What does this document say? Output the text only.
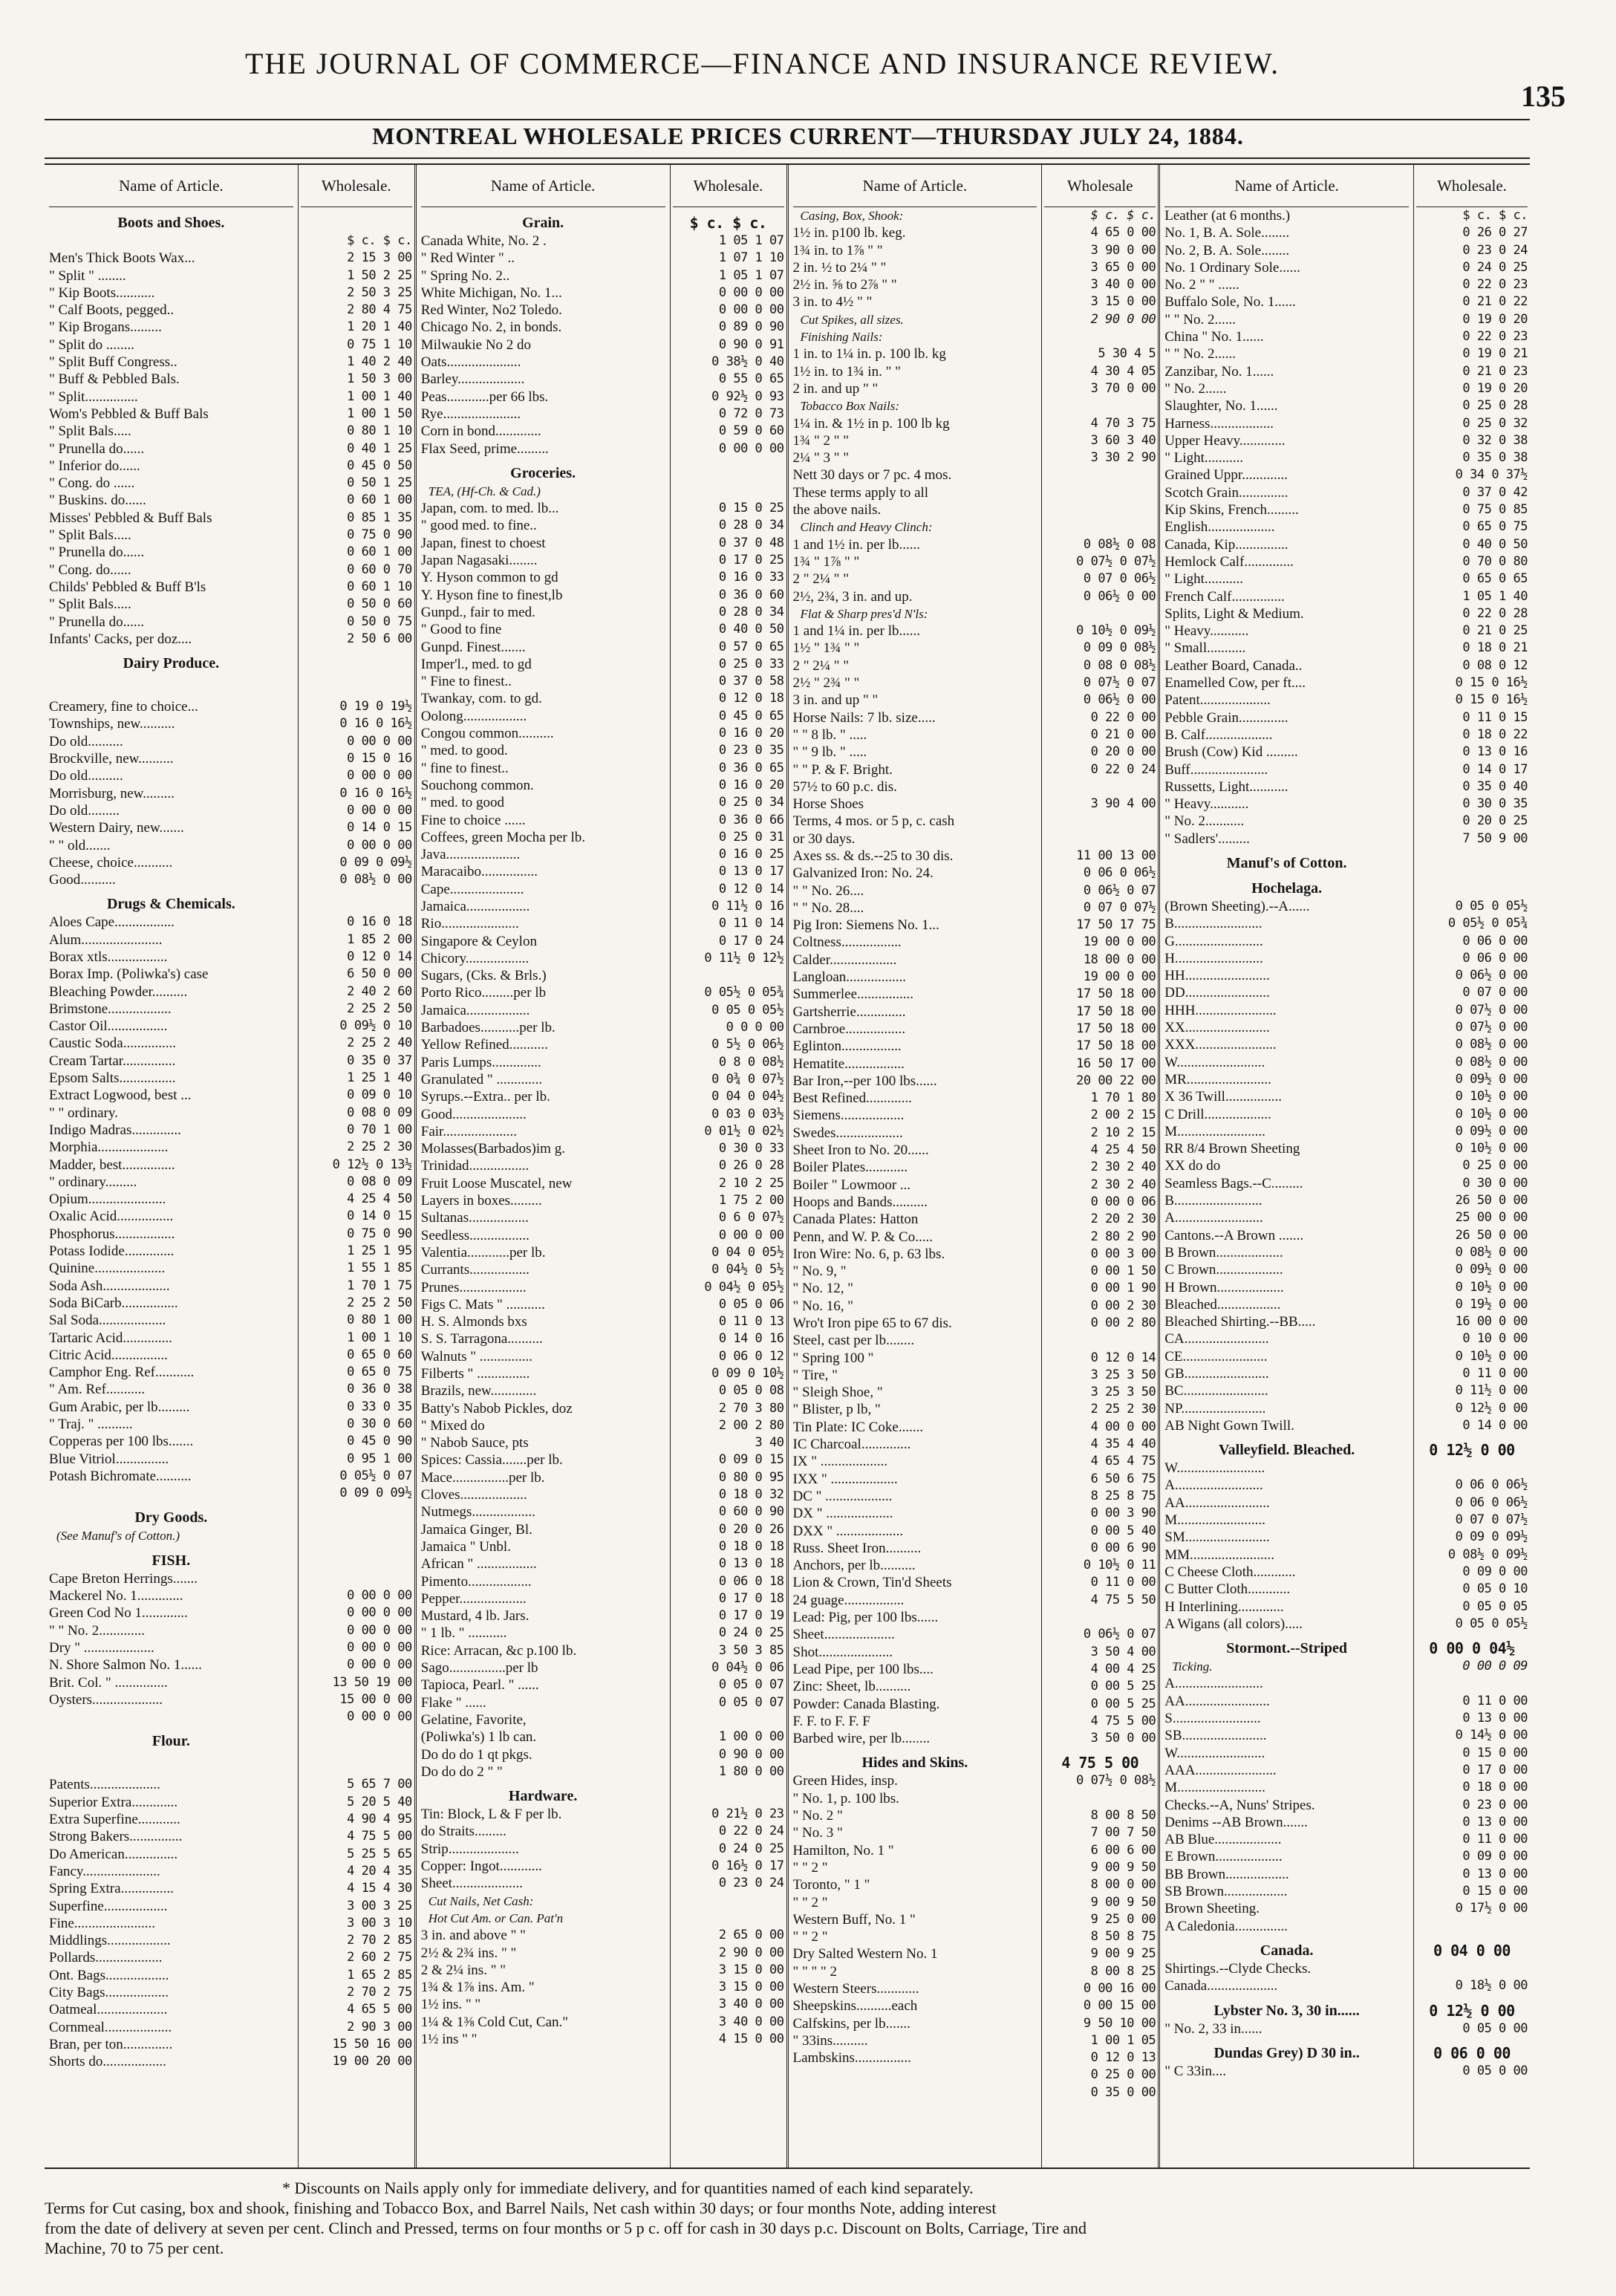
THE JOURNAL OF COMMERCE—FINANCE AND INSURANCE REVIEW.
135
MONTREAL WHOLESALE PRICES CURRENT—THURSDAY JULY 24, 1884.
Name of Article.
Boots and Shoes.
Men's Thick Boots Wax...
" Split " ........
" Kip Boots...........
" Calf Boots, pegged..
" Kip Brogans.........
" Split do ........
" Split Buff Congress..
" Buff & Pebbled Bals.
" Split...............
Wom's Pebbled & Buff Bals
" Split Bals.....
" Prunella do......
" Inferior do......
" Cong. do ......
" Buskins. do......
Misses' Pebbled & Buff Bals
" Split Bals.....
" Prunella do......
" Cong. do......
Childs' Pebbled & Buff B'ls
" Split Bals.....
" Prunella do......
Infants' Cacks, per doz....
Dairy Produce.
Creamery, fine to choice...
Townships, new..........
Do old..........
Brockville, new..........
Do old..........
Morrisburg, new.........
Do old.........
Western Dairy, new.......
" " old.......
Cheese, choice...........
Good..........
Drugs & Chemicals.
Aloes Cape.................
Alum.......................
Borax xtls.................
Borax Imp. (Poliwka's) case
Bleaching Powder..........
Brimstone..................
Castor Oil.................
Caustic Soda...............
Cream Tartar...............
Epsom Salts................
Extract Logwood, best ...
" " ordinary.
Indigo Madras..............
Morphia....................
Madder, best...............
" ordinary.........
Opium......................
Oxalic Acid................
Phosphorus.................
Potass Iodide..............
Quinine....................
Soda Ash...................
Soda BiCarb................
Sal Soda...................
Tartaric Acid..............
Citric Acid................
Camphor Eng. Ref...........
" Am. Ref...........
Gum Arabic, per lb.........
" Traj. " ..........
Copperas per 100 lbs.......
Blue Vitriol...............
Potash Bichromate..........
Dry Goods.
(See Manuf's of Cotton.)
FISH.
Cape Breton Herrings.......
Mackerel No. 1.............
Green Cod No 1.............
" " No. 2.............
Dry " ....................
N. Shore Salmon No. 1......
Brit. Col. " ...............
Oysters....................
Flour.
Patents....................
Superior Extra.............
Extra Superfine............
Strong Bakers...............
Do American...............
Fancy......................
Spring Extra...............
Superfine..................
Fine.......................
Middlings..................
Pollards...................
Ont. Bags..................
City Bags..................
Oatmeal....................
Cornmeal...................
Bran, per ton..............
Shorts do..................
Wholesale.
$ c. $ c.
2 15 3 00
1 50 2 25
2 50 3 25
2 80 4 75
1 20 1 40
0 75 1 10
1 40 2 40
1 50 3 00
1 00 1 40
1 00 1 50
0 80 1 10
0 40 1 25
0 45 0 50
0 50 1 25
0 60 1 00
0 85 1 35
0 75 0 90
0 60 1 00
0 60 0 70
0 60 1 10
0 50 0 60
0 50 0 75
2 50 6 00
0 19 0 19½
0 16 0 16½
0 00 0 00
0 15 0 16
0 00 0 00
0 16 0 16½
0 00 0 00
0 14 0 15
0 00 0 00
0 09 0 09½
0 08½ 0 00
0 16 0 18
1 85 2 00
0 12 0 14
6 50 0 00
2 40 2 60
2 25 2 50
0 09½ 0 10
2 25 2 40
0 35 0 37
1 25 1 40
0 09 0 10
0 08 0 09
0 70 1 00
2 25 2 30
0 12½ 0 13½
0 08 0 09
4 25 4 50
0 14 0 15
0 75 0 90
1 25 1 95
1 55 1 85
1 70 1 75
2 25 2 50
0 80 1 00
1 00 1 10
0 65 0 60
0 65 0 75
0 36 0 38
0 33 0 35
0 30 0 60
0 45 0 90
0 95 1 00
0 05½ 0 07
0 09 0 09½
0 00 0 00
0 00 0 00
0 00 0 00
0 00 0 00
0 00 0 00
13 50 19 00
15 00 0 00
0 00 0 00
5 65 7 00
5 20 5 40
4 90 4 95
4 75 5 00
5 25 5 65
4 20 4 35
4 15 4 30
3 00 3 25
3 00 3 10
2 70 2 85
2 60 2 75
1 65 2 85
2 70 2 75
4 65 5 00
2 90 3 00
15 50 16 00
19 00 20 00
Name of Article.
Grain.
Canada White, No. 2 .
" Red Winter " ..
" Spring No. 2..
White Michigan, No. 1...
Red Winter, No2 Toledo.
Chicago No. 2, in bonds.
Milwaukie No 2 do
Oats.....................
Barley...................
Peas............per 66 lbs.
Rye......................
Corn in bond.............
Flax Seed, prime.........
Groceries.
TEA, (Hf-Ch. & Cad.)
Japan, com. to med. lb...
" good med. to fine..
Japan, finest to choest
Japan Nagasaki........
Y. Hyson common to gd
Y. Hyson fine to finest,lb
Gunpd., fair to med.
" Good to fine
Gunpd. Finest.......
Imper'l., med. to gd
" Fine to finest..
Twankay, com. to gd.
Oolong..................
Congou common..........
" med. to good.
" fine to finest..
Souchong common.
" med. to good
Fine to choice ......
Coffees, green Mocha per lb.
Java.....................
Maracaibo................
Cape.....................
Jamaica..................
Rio......................
Singapore & Ceylon
Chicory..................
Sugars, (Cks. & Brls.)
Porto Rico.........per lb
Jamaica..................
Barbadoes...........per lb.
Yellow Refined...........
Paris Lumps..............
Granulated " .............
Syrups.--Extra.. per lb.
Good.....................
Fair.....................
Molasses(Barbados)im g.
Trinidad.................
Fruit Loose Muscatel, new
Layers in boxes.........
Sultanas.................
Seedless.................
Valentia............per lb.
Currants.................
Prunes...................
Figs C. Mats " ...........
H. S. Almonds bxs
S. S. Tarragona..........
Walnuts " ...............
Filberts " ...............
Brazils, new.............
Batty's Nabob Pickles, doz
" Mixed do
" Nabob Sauce, pts
Spices: Cassia.......per lb.
Mace................per lb.
Cloves...................
Nutmegs..................
Jamaica Ginger, Bl.
Jamaica " Unbl.
African " .................
Pimento..................
Pepper...................
Mustard, 4 lb. Jars.
" 1 lb. " ...........
Rice: Arracan, &c p.100 lb.
Sago................per lb
Tapioca, Pearl. " ......
Flake " ......
Gelatine, Favorite,
(Poliwka's) 1 lb can.
Do do do 1 qt pkgs.
Do do do 2 " "
Hardware.
Tin: Block, L & F per lb.
do Straits.........
Strip....................
Copper: Ingot............
Sheet....................
Cut Nails, Net Cash:
Hot Cut Am. or Can. Pat'n
3 in. and above " "
2½ & 2¾ ins. " "
2 & 2¼ ins. " "
1¾ & 1⅞ ins. Am. "
1½ ins. " "
1¼ & 1⅜ Cold Cut, Can."
1½ ins " "
Wholesale.
$ c. $ c.
1 05 1 07
1 07 1 10
1 05 1 07
0 00 0 00
0 00 0 00
0 89 0 90
0 90 0 91
0 38½ 0 40
0 55 0 65
0 92½ 0 93
0 72 0 73
0 59 0 60
0 00 0 00
0 15 0 25
0 28 0 34
0 37 0 48
0 17 0 25
0 16 0 33
0 36 0 60
0 28 0 34
0 40 0 50
0 57 0 65
0 25 0 33
0 37 0 58
0 12 0 18
0 45 0 65
0 16 0 20
0 23 0 35
0 36 0 65
0 16 0 20
0 25 0 34
0 36 0 66
0 25 0 31
0 16 0 25
0 13 0 17
0 12 0 14
0 11½ 0 16
0 11 0 14
0 17 0 24
0 11½ 0 12½
0 05½ 0 05¾
0 05 0 05½
0 0 0 00
0 5½ 0 06½
0 8 0 08½
0 0¾ 0 07½
0 04 0 04½
0 03 0 03½
0 01½ 0 02½
0 30 0 33
0 26 0 28
2 10 2 25
1 75 2 00
0 6 0 07½
0 00 0 00
0 04 0 05½
0 04½ 0 5½
0 04½ 0 05½
0 05 0 06
0 11 0 13
0 14 0 16
0 06 0 12
0 09 0 10½
0 05 0 08
2 70 3 80
2 00 2 80
3 40
0 09 0 15
0 80 0 95
0 18 0 32
0 60 0 90
0 20 0 26
0 18 0 18
0 13 0 18
0 06 0 18
0 17 0 18
0 17 0 19
0 24 0 25
3 50 3 85
0 04½ 0 06
0 05 0 07
0 05 0 07
1 00 0 00
0 90 0 00
1 80 0 00
0 21½ 0 23
0 22 0 24
0 24 0 25
0 16½ 0 17
0 23 0 24
2 65 0 00
2 90 0 00
3 15 0 00
3 15 0 00
3 40 0 00
3 40 0 00
4 15 0 00
Name of Article.
Casing, Box, Shook:
1½ in. p100 lb. keg.
1¾ in. to 1⅞ " "
2 in. ½ to 2¼ " "
2½ in. ⅝ to 2⅞ " "
3 in. to 4½ " "
Cut Spikes, all sizes.
Finishing Nails:
1 in. to 1¼ in. p. 100 lb. kg
1½ in. to 1¾ in. " "
2 in. and up " "
Tobacco Box Nails:
1¼ in. & 1½ in p. 100 lb kg
1¾ " 2 " "
2¼ " 3 " "
Nett 30 days or 7 pc. 4 mos.
These terms apply to all
the above nails.
Clinch and Heavy Clinch:
1 and 1½ in. per lb......
1¾ " 1⅞ " "
2 " 2¼ " "
2½, 2¾, 3 in. and up.
Flat & Sharp pres'd N'ls:
1 and 1¼ in. per lb......
1½ " 1¾ " "
2 " 2¼ " "
2½ " 2¾ " "
3 in. and up " "
Horse Nails: 7 lb. size.....
" " 8 lb. " .....
" " 9 lb. " .....
" " P. & F. Bright.
57½ to 60 p.c. dis.
Horse Shoes
Terms, 4 mos. or 5 p, c. cash
or 30 days.
Axes ss. & ds.--25 to 30 dis.
Galvanized Iron: No. 24.
" " No. 26....
" " No. 28....
Pig Iron: Siemens No. 1...
Coltness.................
Calder...................
Langloan.................
Summerlee................
Gartsherrie..............
Carnbroe.................
Eglinton.................
Hematite.................
Bar Iron,--per 100 lbs......
Best Refined.............
Siemens..................
Swedes...................
Sheet Iron to No. 20......
Boiler Plates............
Boiler " Lowmoor ...
Hoops and Bands..........
Canada Plates: Hatton
Penn, and W. P. & Co.....
Iron Wire: No. 6, p. 63 lbs.
" No. 9, "
" No. 12, "
" No. 16, "
Wro't Iron pipe 65 to 67 dis.
Steel, cast per lb........
" Spring 100 "
" Tire, "
" Sleigh Shoe, "
" Blister, p lb, "
Tin Plate: IC Coke.......
IC Charcoal..............
IX " ...................
IXX " ...................
DC " ...................
DX " ...................
DXX " ...................
Russ. Sheet Iron..........
Anchors, per lb..........
Lion & Crown, Tin'd Sheets
24 guage.................
Lead: Pig, per 100 lbs......
Sheet....................
Shot.....................
Lead Pipe, per 100 lbs....
Zinc: Sheet, lb..........
Powder: Canada Blasting.
F. F. to F. F. F
Barbed wire, per lb........
Hides and Skins.
Green Hides, insp.
" No. 1, p. 100 lbs.
" No. 2 "
" No. 3 "
Hamilton, No. 1 "
" " 2 "
Toronto, " 1 "
" " 2 "
Western Buff, No. 1 "
" " 2 "
Dry Salted Western No. 1
" " " " 2
Western Steers............
Sheepskins..........each
Calfskins, per lb.......
" 33ins..........
Lambskins................
Wholesale
$ c. $ c.
4 65 0 00
3 90 0 00
3 65 0 00
3 40 0 00
3 15 0 00
2 90 0 00
5 30 4 5
4 30 4 05
3 70 0 00
4 70 3 75
3 60 3 40
3 30 2 90
0 08½ 0 08
0 07½ 0 07½
0 07 0 06½
0 06½ 0 00
0 10½ 0 09½
0 09 0 08½
0 08 0 08½
0 07½ 0 07
0 06½ 0 00
0 22 0 00
0 21 0 00
0 20 0 00
0 22 0 24
3 90 4 00
11 00 13 00
0 06 0 06½
0 06½ 0 07
0 07 0 07½
17 50 17 75
19 00 0 00
18 00 0 00
19 00 0 00
17 50 18 00
17 50 18 00
17 50 18 00
17 50 18 00
16 50 17 00
20 00 22 00
1 70 1 80
2 00 2 15
2 10 2 15
4 25 4 50
2 30 2 40
2 30 2 40
0 00 0 06
2 20 2 30
2 80 2 90
0 00 3 00
0 00 1 50
0 00 1 90
0 00 2 30
0 00 2 80
0 12 0 14
3 25 3 50
3 25 3 50
2 25 2 30
4 00 0 00
4 35 4 40
4 65 4 75
6 50 6 75
8 25 8 75
0 00 3 90
0 00 5 40
0 00 6 90
0 10½ 0 11
0 11 0 00
4 75 5 50
0 06½ 0 07
3 50 4 00
4 00 4 25
0 00 5 25
0 00 5 25
4 75 5 00
3 50 0 00
4 75 5 00
0 07½ 0 08½
8 00 8 50
7 00 7 50
6 00 6 00
9 00 9 50
8 00 0 00
9 00 9 50
9 25 0 00
8 50 8 75
9 00 9 25
8 00 8 25
0 00 16 00
0 00 15 00
9 50 10 00
1 00 1 05
0 12 0 13
0 25 0 00
0 35 0 00
Name of Article.
Leather (at 6 months.)
No. 1, B. A. Sole........
No. 2, B. A. Sole........
No. 1 Ordinary Sole......
No. 2 " " ......
Buffalo Sole, No. 1......
" " No. 2......
China " No. 1......
" " No. 2......
Zanzibar, No. 1......
" No. 2......
Slaughter, No. 1......
Harness..................
Upper Heavy.............
" Light...........
Grained Uppr.............
Scotch Grain..............
Kip Skins, French.........
English...................
Canada, Kip...............
Hemlock Calf..............
" Light...........
French Calf...............
Splits, Light & Medium.
" Heavy...........
" Small...........
Leather Board, Canada..
Enamelled Cow, per ft....
Patent....................
Pebble Grain..............
B. Calf...................
Brush (Cow) Kid .........
Buff......................
Russetts, Light...........
" Heavy...........
" No. 2...........
" Sadlers'.........
Manuf's of Cotton.
Hochelaga.
(Brown Sheeting).--A......
B.........................
G.........................
H.........................
HH........................
DD........................
HHH.......................
XX........................
XXX.......................
W.........................
MR........................
X 36 Twill................
C Drill...................
M.........................
RR 8/4 Brown Sheeting
XX do do
Seamless Bags.--C.........
B.........................
A.........................
Cantons.--A Brown .......
B Brown...................
C Brown...................
H Brown...................
Bleached..................
Bleached Shirting.--BB.....
CA........................
CE........................
GB........................
BC........................
NP........................
AB Night Gown Twill.
Valleyfield. Bleached.
W.........................
A.........................
AA........................
M.........................
SM........................
MM........................
C Cheese Cloth............
C Butter Cloth............
H Interlining.............
A Wigans (all colors).....
Stormont.--Striped
Ticking.
A.........................
AA........................
S.........................
SB........................
W.........................
AAA.......................
M.........................
Checks.--A, Nuns' Stripes.
Denims --AB Brown.......
AB Blue...................
E Brown...................
BB Brown..................
SB Brown..................
Brown Sheeting.
A Caledonia...............
Canada.
Shirtings.--Clyde Checks.
Canada....................
Lybster No. 3, 30 in......
" No. 2, 33 in......
Dundas Grey) D 30 in..
" C 33in....
Wholesale.
$ c. $ c.
0 26 0 27
0 23 0 24
0 24 0 25
0 22 0 23
0 21 0 22
0 19 0 20
0 22 0 23
0 19 0 21
0 21 0 23
0 19 0 20
0 25 0 28
0 25 0 32
0 32 0 38
0 35 0 38
0 34 0 37½
0 37 0 42
0 75 0 85
0 65 0 75
0 40 0 50
0 70 0 80
0 65 0 65
1 05 1 40
0 22 0 28
0 21 0 25
0 18 0 21
0 08 0 12
0 15 0 16½
0 15 0 16½
0 11 0 15
0 18 0 22
0 13 0 16
0 14 0 17
0 35 0 40
0 30 0 35
0 20 0 25
7 50 9 00
0 05 0 05½
0 05½ 0 05¾
0 06 0 00
0 06 0 00
0 06½ 0 00
0 07 0 00
0 07½ 0 00
0 07½ 0 00
0 08½ 0 00
0 08½ 0 00
0 09½ 0 00
0 10½ 0 00
0 10½ 0 00
0 09½ 0 00
0 10½ 0 00
0 25 0 00
0 30 0 00
26 50 0 00
25 00 0 00
26 50 0 00
0 08½ 0 00
0 09½ 0 00
0 10½ 0 00
0 19½ 0 00
16 00 0 00
0 10 0 00
0 10½ 0 00
0 11 0 00
0 11½ 0 00
0 12½ 0 00
0 14 0 00
0 12½ 0 00
0 06 0 06½
0 06 0 06½
0 07 0 07½
0 09 0 09½
0 08½ 0 09½
0 09 0 00
0 05 0 10
0 05 0 05
0 05 0 05½
0 00 0 04½
0 00 0 09
0 11 0 00
0 13 0 00
0 14½ 0 00
0 15 0 00
0 17 0 00
0 18 0 00
0 23 0 00
0 13 0 00
0 11 0 00
0 09 0 00
0 13 0 00
0 15 0 00
0 17½ 0 00
0 04 0 00
0 18½ 0 00
0 12½ 0 00
0 05 0 00
0 06 0 00
0 05 0 00
* Discounts on Nails apply only for immediate delivery, and for quantities named of each kind separately.
Terms for Cut casing, box and shook, finishing and Tobacco Box, and Barrel Nails, Net cash within 30 days; or four months Note, adding interest
from the date of delivery at seven per cent. Clinch and Pressed, terms on four months or 5 p c. off for cash in 30 days p.c. Discount on Bolts, Carriage, Tire and
Machine, 70 to 75 per cent.
